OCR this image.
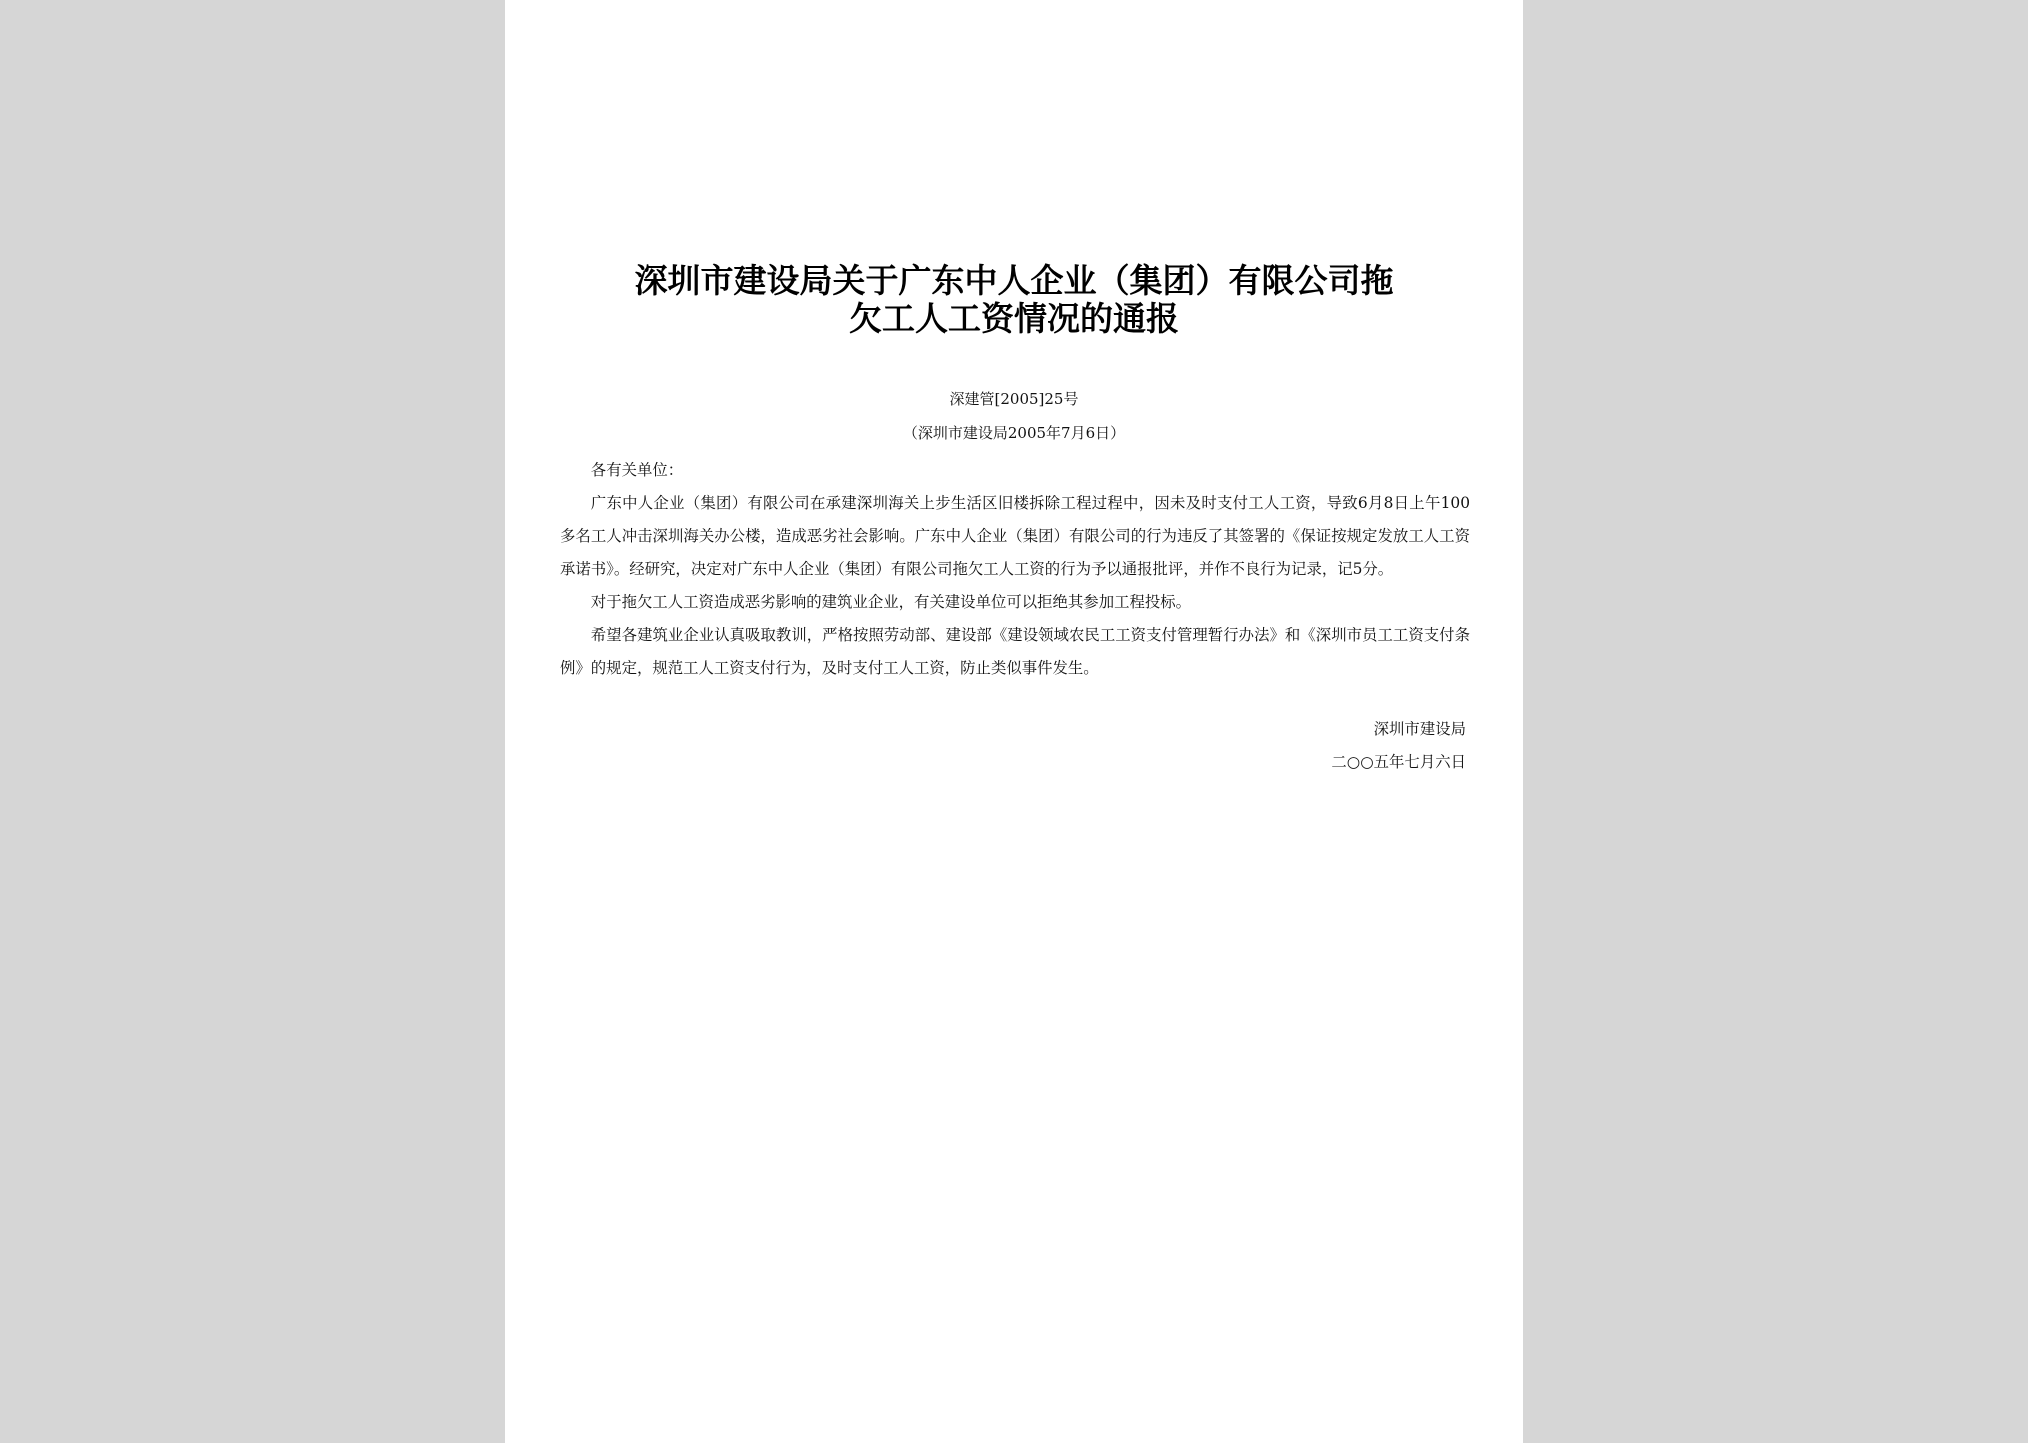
深圳市建设局关于广东中人企业（集团）有限公司拖
欠工人工资情况的通报
深建管[2005]25号
（深圳市建设局2005年7月6日）

各有关单位：

广东中人企业（集团）有限公司在承建深圳海关上步生活区旧楼拆除工程过程中，因未及时支付工人工资，导致6月8日上午100多名工人冲击深圳海关办公楼，造成恶劣社会影响。广东中人企业（集团）有限公司的行为违反了其签署的《保证按规定发放工人工资承诺书》。经研究，决定对广东中人企业（集团）有限公司拖欠工人工资的行为予以通报批评，并作不良行为记录，记5分。

对于拖欠工人工资造成恶劣影响的建筑业企业，有关建设单位可以拒绝其参加工程投标。

希望各建筑业企业认真吸取教训，严格按照劳动部、建设部《建设领域农民工工资支付管理暂行办法》和《深圳市员工工资支付条例》的规定，规范工人工资支付行为，及时支付工人工资，防止类似事件发生。

深圳市建设局
二○○五年七月六日
